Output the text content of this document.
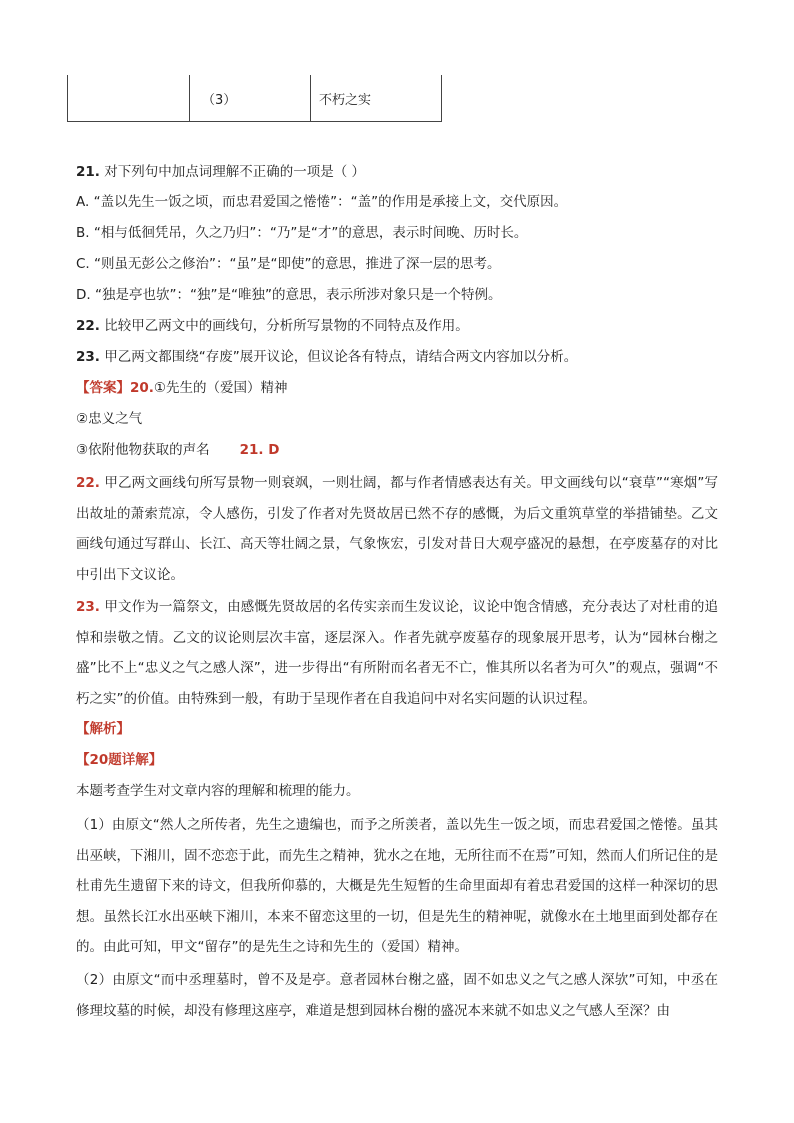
	（3）	不朽之实
21. 对下列句中加点词理解不正确的一项是（ ）
A. “盖以先生一饭之顷，而忠君爱国之惓惓”：“盖”的作用是承接上文，交代原因。
B. “相与低徊凭吊，久之乃归”：“乃”是“才”的意思，表示时间晚、历时长。
C. “则虽无彭公之修治”：“虽”是“即使”的意思，推进了深一层的思考。
D. “独是亭也欤”：“独”是“唯独”的意思，表示所涉对象只是一个特例。
22. 比较甲乙两文中的画线句，分析所写景物的不同特点及作用。
23. 甲乙两文都围绕“存废”展开议论，但议论各有特点，请结合两文内容加以分析。
【答案】20.①先生的（爱国）精神
②忠义之气
③依附他物获取的声名 21. D
22. 甲乙两文画线句所写景物一则衰飒，一则壮阔，都与作者情感表达有关。甲文画线句以“衰草”“寒烟”写出故址的萧索荒凉，令人感伤，引发了作者对先贤故居已然不存的感慨，为后文重筑草堂的举措铺垫。乙文画线句通过写群山、长江、高天等壮阔之景，气象恢宏，引发对昔日大观亭盛况的悬想，在亭废墓存的对比中引出下文议论。
23. 甲文作为一篇祭文，由感慨先贤故居的名传实亲而生发议论，议论中饱含情感，充分表达了对杜甫的追悼和崇敬之情。乙文的议论则层次丰富，逐层深入。作者先就亭废墓存的现象展开思考，认为“园林台榭之盛”比不上“忠义之气之感人深”，进一步得出“有所附而名者无不亡，惟其所以名者为可久”的观点，强调“不朽之实”的价值。由特殊到一般，有助于呈现作者在自我追问中对名实问题的认识过程。
【解析】
【20题详解】
本题考查学生对文章内容的理解和梳理的能力。
（1）由原文“然人之所传者，先生之遗编也，而予之所羡者，盖以先生一饭之顷，而忠君爱国之惓惓。虽其出巫峡，下湘川，固不恋恋于此，而先生之精神，犹水之在地，无所往而不在焉”可知，然而人们所记住的是杜甫先生遗留下来的诗文，但我所仰慕的，大概是先生短暂的生命里面却有着忠君爱国的这样一种深切的思想。虽然长江水出巫峡下湘川，本来不留恋这里的一切，但是先生的精神呢，就像水在土地里面到处都存在的。由此可知，甲文“留存”的是先生之诗和先生的（爱国）精神。
（2）由原文“而中丞理墓时，曾不及是亭。意者园林台榭之盛，固不如忠义之气之感人深欤”可知，中丞在修理坟墓的时候，却没有修理这座亭，难道是想到园林台榭的盛况本来就不如忠义之气感人至深？由
